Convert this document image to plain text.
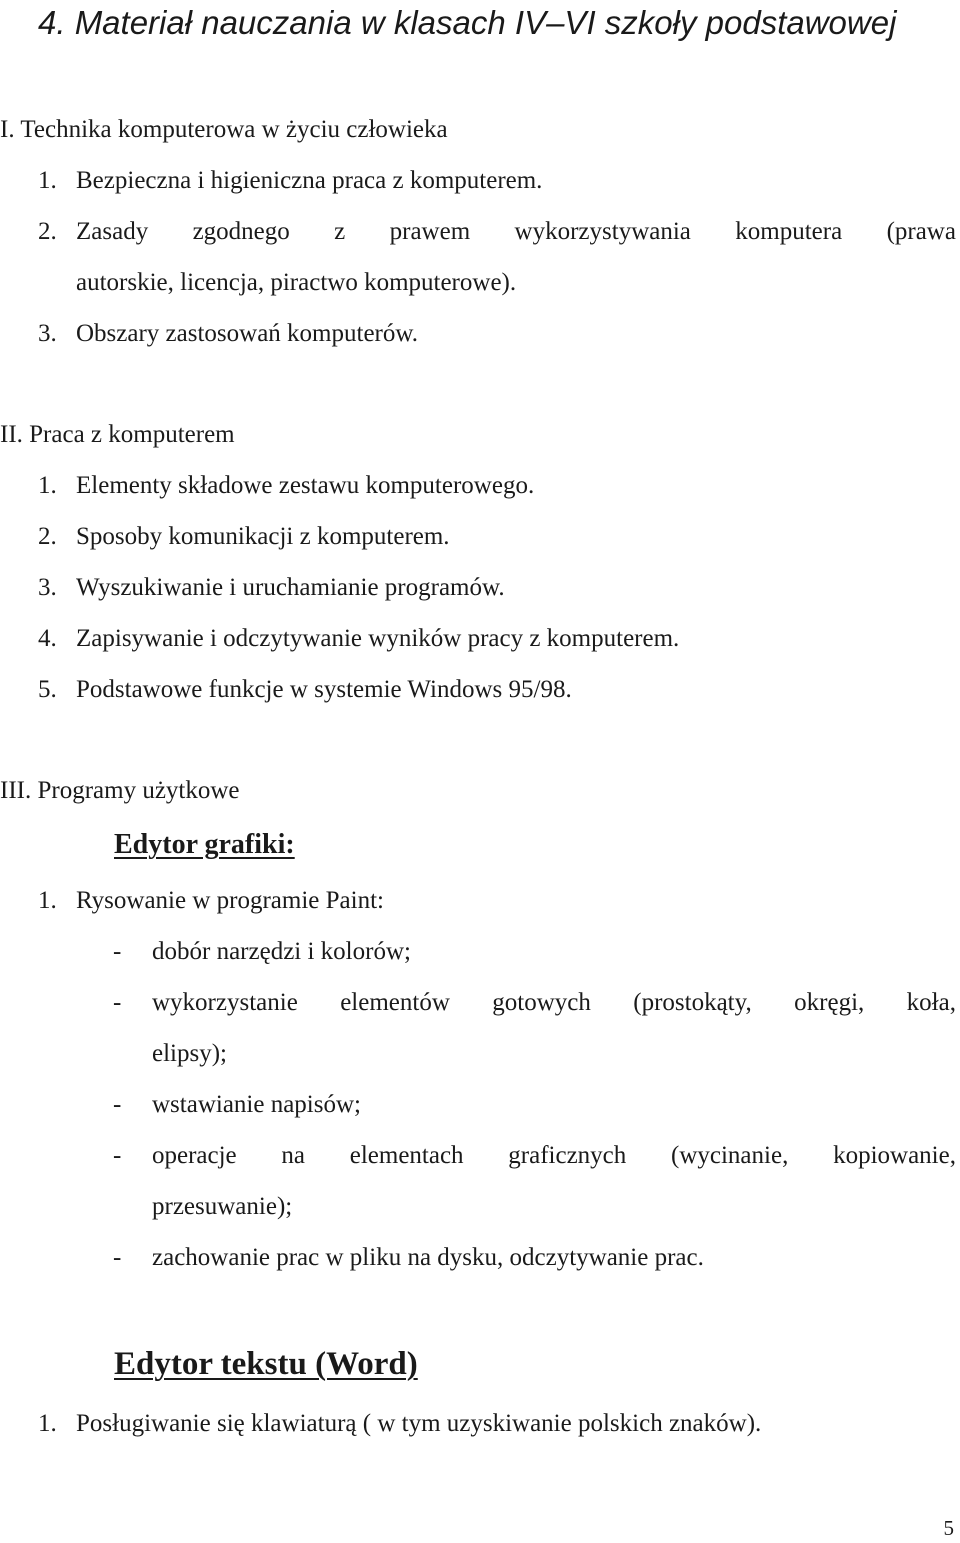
4. Materiał nauczania w klasach IV–VI szkoły podstawowej
I. Technika komputerowa w życiu człowieka
1. Bezpieczna i higieniczna praca z komputerem.
2. Zasady zgodnego z prawem wykorzystywania komputera (prawa
autorskie, licencja, piractwo komputerowe).
3. Obszary zastosowań komputerów.
II. Praca z komputerem
1. Elementy składowe zestawu komputerowego.
2. Sposoby komunikacji z komputerem.
3. Wyszukiwanie i uruchamianie programów.
4. Zapisywanie i odczytywanie wyników pracy z komputerem.
5. Podstawowe funkcje w systemie Windows 95/98.
III. Programy użytkowe
Edytor grafiki:
1. Rysowanie w programie Paint:
- dobór narzędzi i kolorów;
- wykorzystanie elementów gotowych (prostokąty, okręgi, koła,
elipsy);
- wstawianie napisów;
- operacje na elementach graficznych (wycinanie, kopiowanie,
przesuwanie);
- zachowanie prac w pliku na dysku, odczytywanie prac.
Edytor tekstu (Word)
1. Posługiwanie się klawiaturą ( w tym uzyskiwanie polskich znaków).
5
